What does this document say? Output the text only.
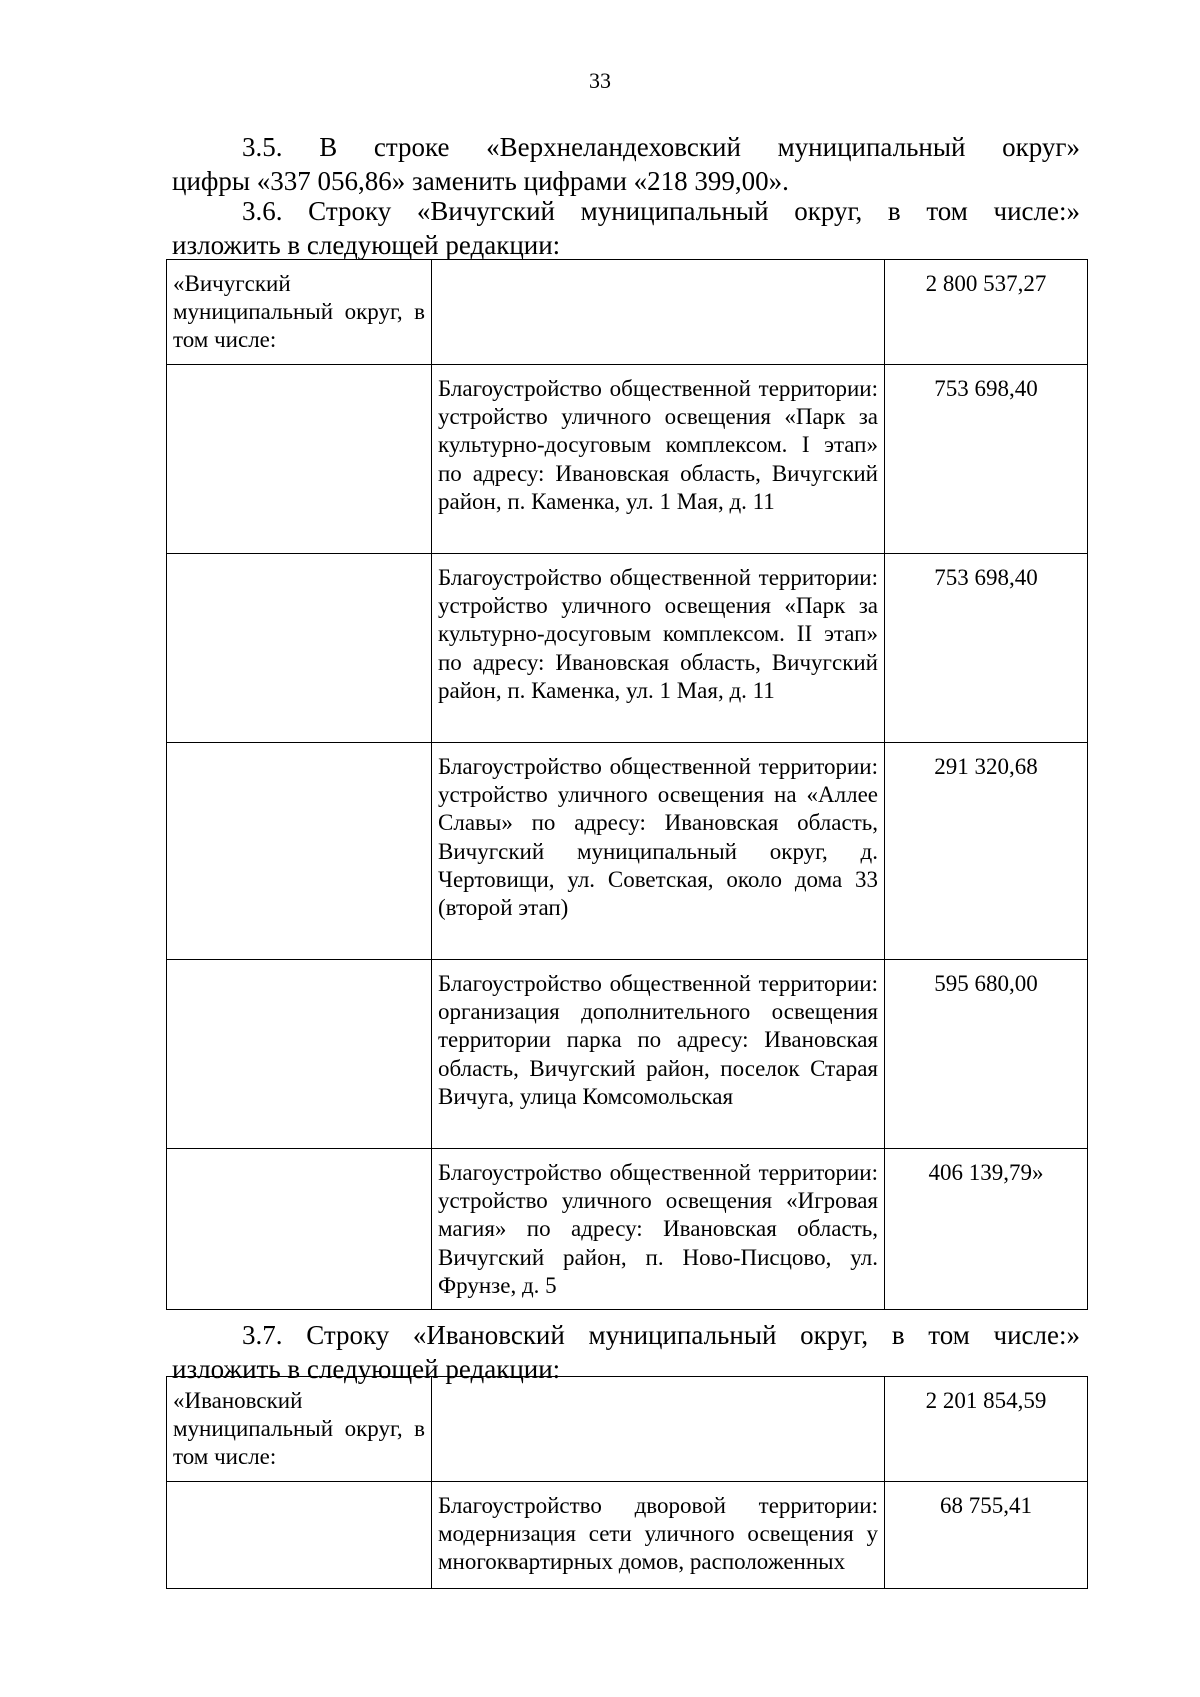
33
3.5. В строке «Верхнеландеховский муниципальный округ»
цифры «337 056,86» заменить цифрами «218 399,00».
3.6. Строку «Вичугский муниципальный округ, в том числе:»
изложить в следующей редакции:
«Вичугский муниципальный округ, в том числе:		2 800 537,27
	Благоустройство общественной территории: устройство уличного освещения «Парк за культурно-досуговым комплексом. I этап» по адресу: Ивановская область, Вичугский район, п. Каменка, ул. 1 Мая, д. 11	753 698,40
	Благоустройство общественной территории: устройство уличного освещения «Парк за культурно-досуговым комплексом. II этап» по адресу: Ивановская область, Вичугский район, п. Каменка, ул. 1 Мая, д. 11	753 698,40
	Благоустройство общественной территории: устройство уличного освещения на «Аллее Славы» по адресу: Ивановская область, Вичугский муниципальный округ, д. Чертовищи, ул. Советская, около дома 33 (второй этап)	291 320,68
	Благоустройство общественной территории: организация дополнительного освещения территории парка по адресу: Ивановская область, Вичугский район, поселок Старая Вичуга, улица Комсомольская	595 680,00
	Благоустройство общественной территории: устройство уличного освещения «Игровая магия» по адресу: Ивановская область, Вичугский район, п. Ново-Писцово, ул. Фрунзе, д. 5	406 139,79»
3.7. Строку «Ивановский муниципальный округ, в том числе:»
изложить в следующей редакции:
«Ивановский муниципальный округ, в том числе:		2 201 854,59
	Благоустройство дворовой территории: модернизация сети уличного освещения у многоквартирных домов, расположенных	68 755,41
